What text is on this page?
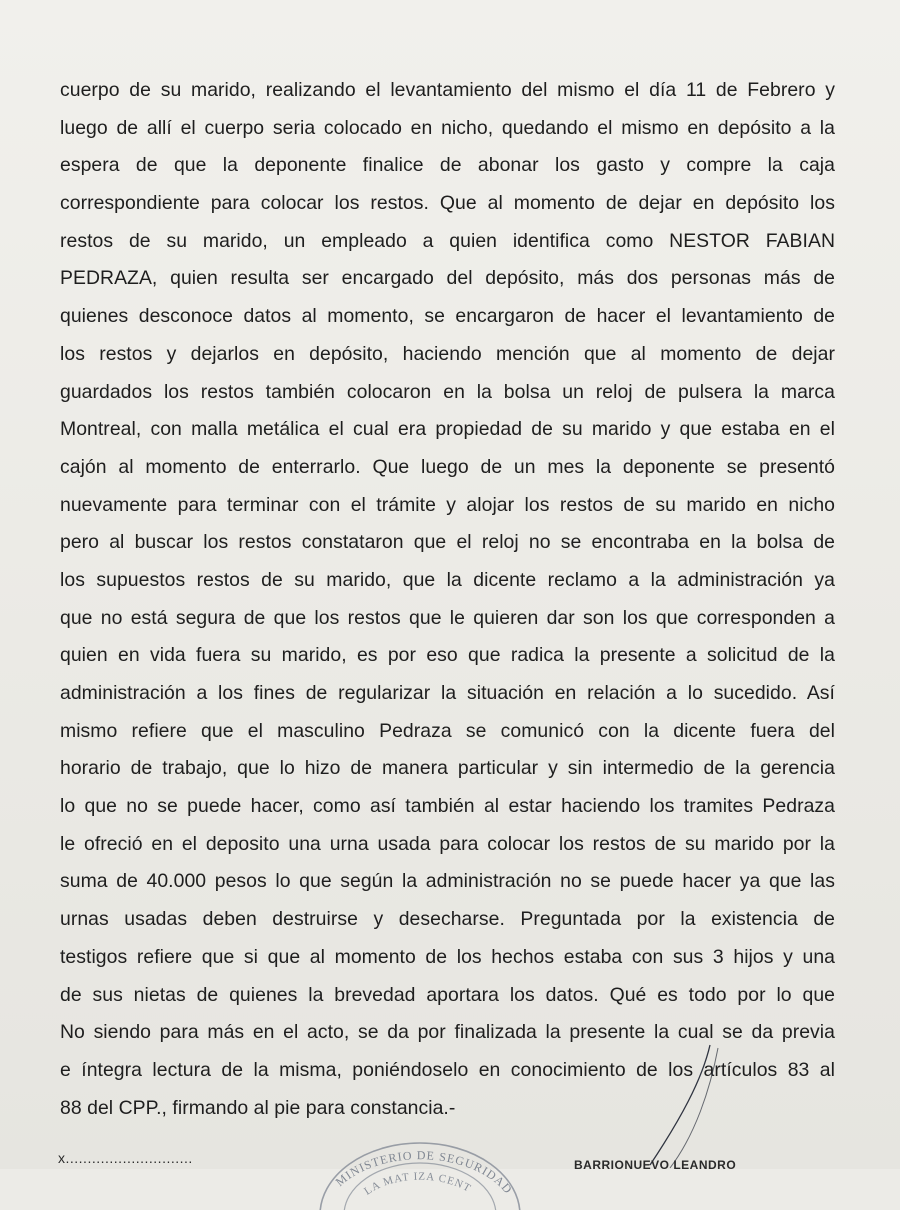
cuerpo de su marido, realizando el levantamiento del mismo el día 11 de Febrero y
luego de allí el cuerpo seria colocado en nicho, quedando el mismo en depósito a la
espera de que la deponente finalice de abonar los gasto y compre la caja
correspondiente para colocar los restos. Que al momento de dejar en depósito los
restos de su marido, un empleado a quien identifica como NESTOR FABIAN
PEDRAZA, quien resulta ser encargado del depósito, más dos personas más de
quienes desconoce datos al momento, se encargaron de hacer el levantamiento de
los restos y dejarlos en depósito, haciendo mención que al momento de dejar
guardados los restos también colocaron en la bolsa un reloj de pulsera la marca
Montreal, con malla metálica el cual era propiedad de su marido y que estaba en el
cajón al momento de enterrarlo. Que luego de un mes la deponente se presentó
nuevamente para terminar con el trámite y alojar los restos de su marido en nicho
pero al buscar los restos constataron que el reloj no se encontraba en la bolsa de
los supuestos restos de su marido, que la dicente reclamo a la administración ya
que no está segura de que los restos que le quieren dar son los que corresponden a
quien en vida fuera su marido, es por eso que radica la presente a solicitud de la
administración a los fines de regularizar la situación en relación a lo sucedido. Así
mismo refiere que el masculino Pedraza se comunicó con la dicente fuera del
horario de trabajo, que lo hizo de manera particular y sin intermedio de la gerencia
lo que no se puede hacer, como así también al estar haciendo los tramites Pedraza
le ofreció en el deposito una urna usada para colocar los restos de su marido por la
suma de 40.000 pesos lo que según la administración no se puede hacer ya que las
urnas usadas deben destruirse y desecharse. Preguntada por la existencia de
testigos refiere que si que al momento de los hechos estaba con sus 3 hijos y una
de sus nietas de quienes la brevedad aportara los datos. Qué es todo por lo que
No siendo para más en el acto, se da por finalizada la presente la cual se da previa
e íntegra lectura de la misma, poniéndoselo en conocimiento de los artículos 83 al
88 del CPP., firmando al pie para constancia.-
MINISTERIO DE SEGURIDAD
LA MAT IZA CENT
x.............................	BARRIONUEVO LEANDRO
